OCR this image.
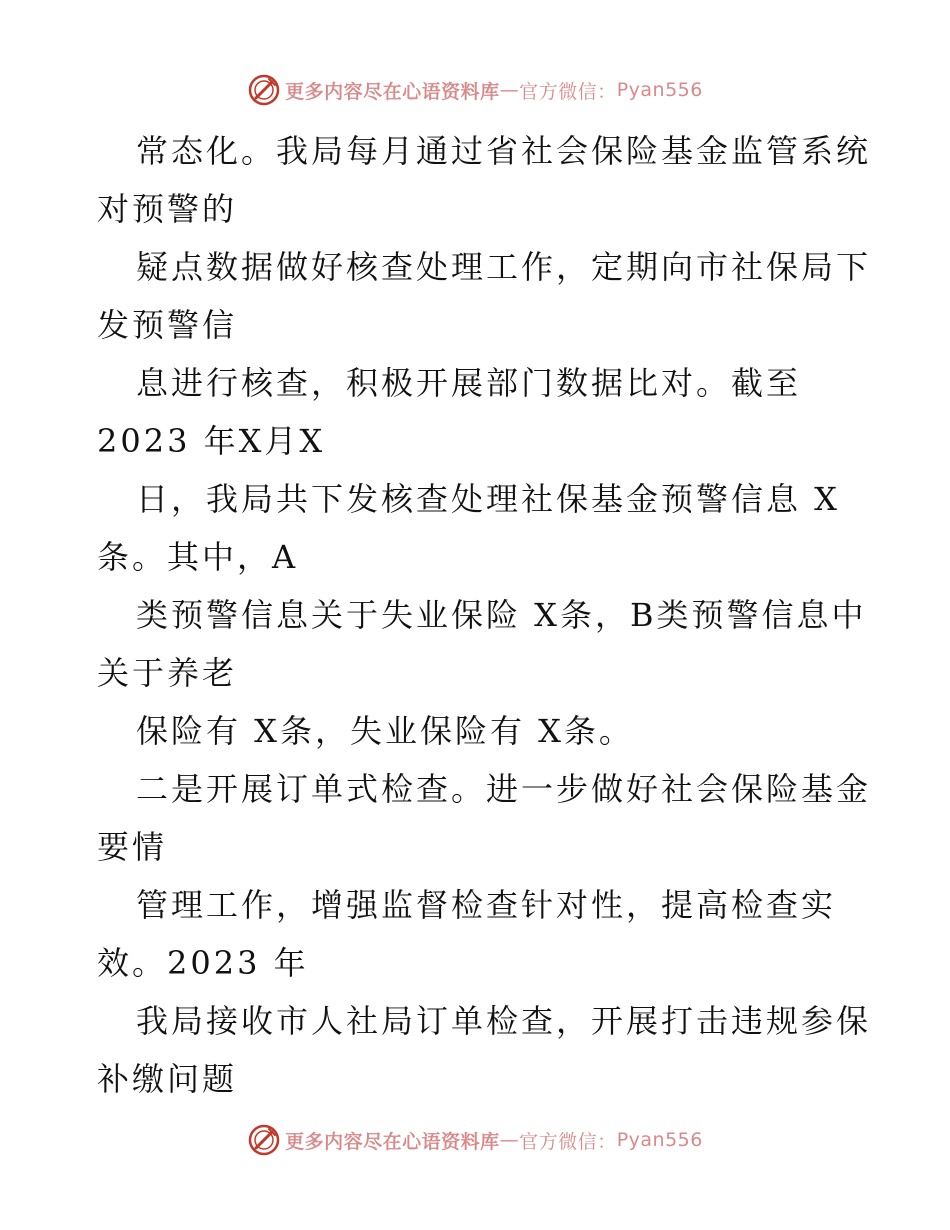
更多内容尽在心语资料库 — 官方微信： Pyan556
常态化。我局每月通过省社会保险基金监管系统
对预警的
疑点数据做好核查处理工作，定期向市社保局下
发预警信
息进行核查，积极开展部门数据比对。截至
2023 年X月X
日，我局共下发核查处理社保基金预警信息 X
条。其中，A
类预警信息关于失业保险 X条，B类预警信息中
关于养老
保险有 X条，失业保险有 X条。
二是开展订单式检查。进一步做好社会保险基金
要情
管理工作，增强监督检查针对性，提高检查实
效。2023 年
我局接收市人社局订单检查，开展打击违规参保
补缴问题
更多内容尽在心语资料库 — 官方微信： Pyan556
